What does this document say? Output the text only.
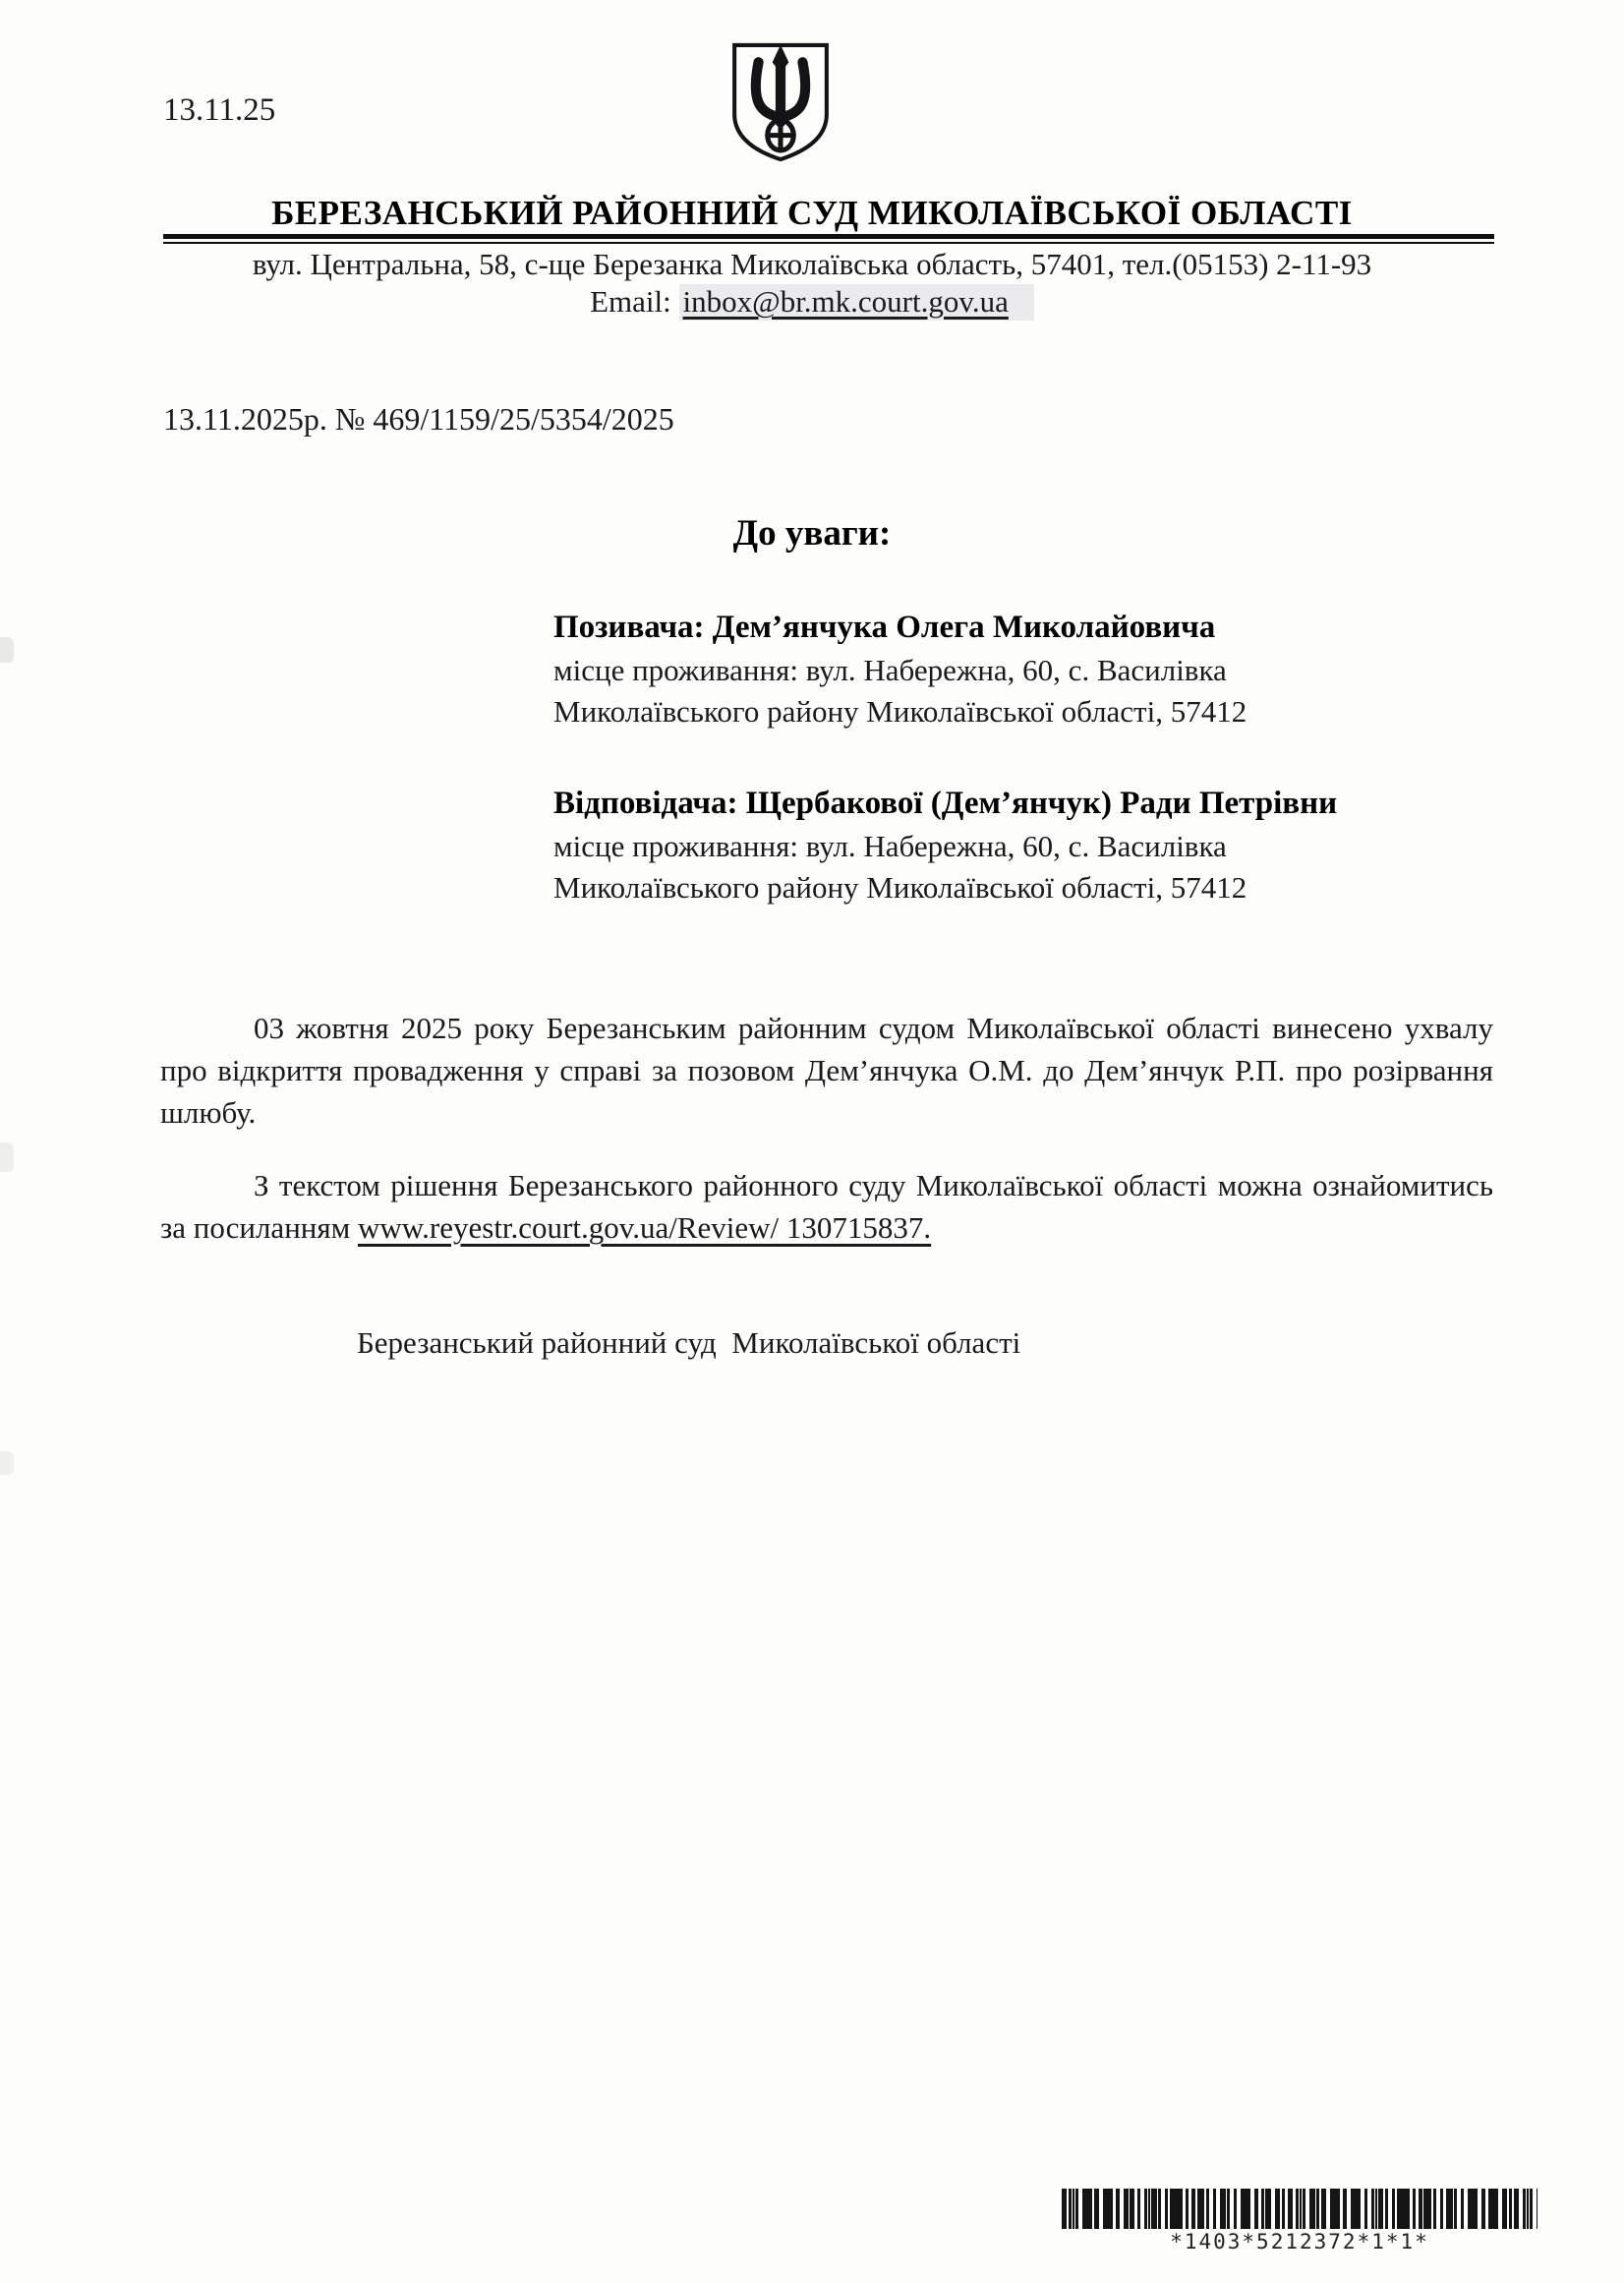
13.11.25
БЕРЕЗАНСЬКИЙ РАЙОННИЙ СУД МИКОЛАЇВСЬКОЇ ОБЛАСТІ
вул. Центральна, 58, с-ще Березанка Миколаївська область, 57401, тел.(05153) 2-11-93
Email: inbox@br.mk.court.gov.ua
13.11.2025р. № 469/1159/25/5354/2025
До уваги:
Позивача: Дем’янчука Олега Миколайовича
місце проживання: вул. Набережна, 60, с. Василівка
Миколаївського району Миколаївської області, 57412
Відповідача: Щербакової (Дем’янчук) Ради Петрівни
місце проживання: вул. Набережна, 60, с. Василівка
Миколаївського району Миколаївської області, 57412

03 жовтня 2025 року Березанським районним судом Миколаївської області винесено ухвалу про відкриття провадження у справі за позовом Дем’янчука О.М. до Дем’янчук Р.П. про розірвання шлюбу.

З текстом рішення Березанського районного суду Миколаївської області можна ознайомитись за посиланням www.reyestr.court.gov.ua/Review/ 130715837.

Березанський районний суд  Миколаївської області
*1403*5212372*1*1*
